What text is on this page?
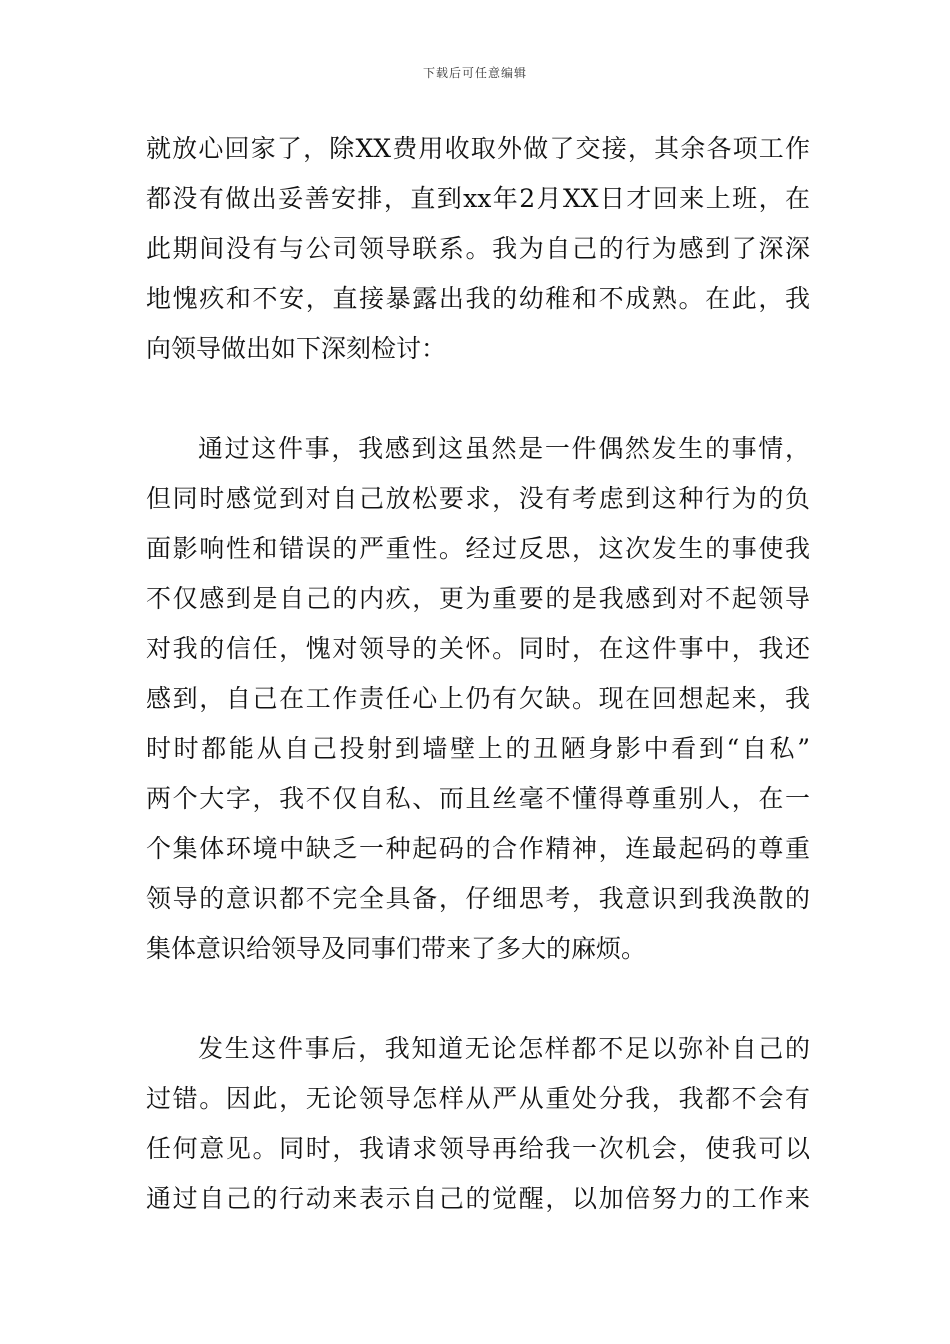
下载后可任意编辑
就放心回家了，除XX费用收取外做了交接，其余各项工作
都没有做出妥善安排，直到xx年2月XX日才回来上班，在
此期间没有与公司领导联系。我为自己的行为感到了深深
地愧疚和不安，直接暴露出我的幼稚和不成熟。在此，我
向领导做出如下深刻检讨：
通过这件事，我感到这虽然是一件偶然发生的事情，
但同时感觉到对自己放松要求，没有考虑到这种行为的负
面影响性和错误的严重性。经过反思，这次发生的事使我
不仅感到是自己的内疚，更为重要的是我感到对不起领导
对我的信任，愧对领导的关怀。同时，在这件事中，我还
感到，自己在工作责任心上仍有欠缺。现在回想起来，我
时时都能从自己投射到墙壁上的丑陋身影中看到“自私”
两个大字，我不仅自私、而且丝毫不懂得尊重别人，在一
个集体环境中缺乏一种起码的合作精神，连最起码的尊重
领导的意识都不完全具备，仔细思考，我意识到我涣散的
集体意识给领导及同事们带来了多大的麻烦。
发生这件事后，我知道无论怎样都不足以弥补自己的
过错。因此，无论领导怎样从严从重处分我，我都不会有
任何意见。同时，我请求领导再给我一次机会，使我可以
通过自己的行动来表示自己的觉醒，以加倍努力的工作来
